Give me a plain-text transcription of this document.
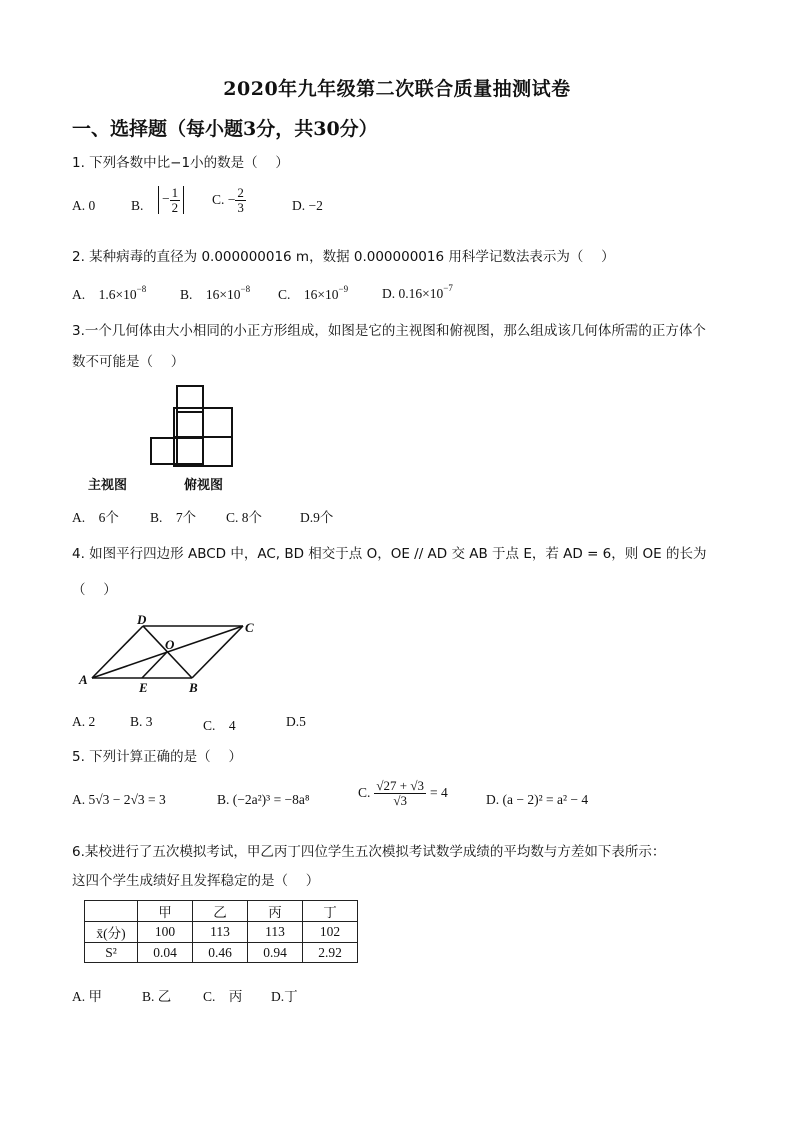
2020年九年级第二次联合质量抽测试卷
一、选择题（每小题3分，共30分）
1. 下列各数中比−1小的数是（　 ）
A. 0	B. − $\frac{1}{2} C$. − $\frac{2}{3}$	D. −2
2. 某种病毒的直径为 0.000000016 m，数据 0.000000016 用科学记数法表示为（　 ）
A.　$1.6\times 10^{-8}$	B.　$16\times 10^{-8}$ C.　$16\times 10^{-9}$	D. $0.16\times 10^{-7}$
3.一个几何体由大小相同的小正方形组成，如图是它的主视图和俯视图，那么组成该几何体所需的正方体个
数不可能是（　 ）
主视图	俯视图
A.　6个 B.　7个 C. 8个	D.9个
4. 如图平行四边形 ABCD 中，AC, BD 相交于点 O，OE // AD 交 AB 于点 E，若 AD = 6，则 OE 的长为
（　 ）
A
B
C
D
E
O
A. 2	B. 3	C.　4	D.5
5. 下列计算正确的是（　 ）
A. 5√3 − 2√3 = 3	B. (−2a²)³ = −8a⁸	C. $\frac{√27 + √3}{√3} = 4$	D. (a − 2)² = a² − 4
6.某校进行了五次模拟考试，甲乙丙丁四位学生五次模拟考试数学成绩的平均数与方差如下表所示：
这四个学生成绩好且发挥稳定的是（　 ）
	甲	乙	丙	丁
x̄(分)	100	113	113	102
S²	0.04	0.46	0.94	2.92
A. 甲	B. 乙 C.　丙 D.丁
